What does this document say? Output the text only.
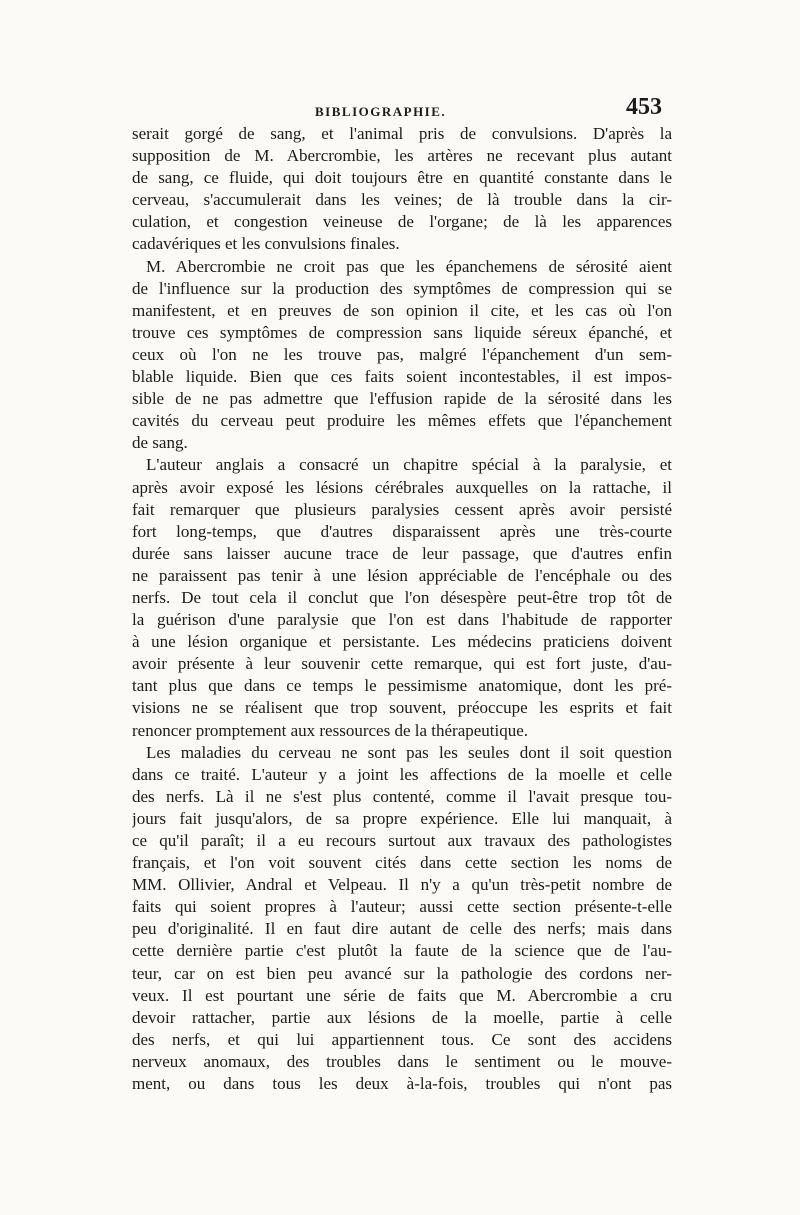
BIBLIOGRAPHIE.	453
serait gorgé de sang, et l'animal pris de convulsions. D'après la
supposition de M. Abercrombie, les artères ne recevant plus autant
de sang, ce fluide, qui doit toujours être en quantité constante dans le
cerveau, s'accumulerait dans les veines; de là trouble dans la cir-
culation, et congestion veineuse de l'organe; de là les apparences
cadavériques et les convulsions finales.
M. Abercrombie ne croit pas que les épanchemens de sérosité aient
de l'influence sur la production des symptômes de compression qui se
manifestent, et en preuves de son opinion il cite, et les cas où l'on
trouve ces symptômes de compression sans liquide séreux épanché, et
ceux où l'on ne les trouve pas, malgré l'épanchement d'un sem-
blable liquide. Bien que ces faits soient incontestables, il est impos-
sible de ne pas admettre que l'effusion rapide de la sérosité dans les
cavités du cerveau peut produire les mêmes effets que l'épanchement
de sang.
L'auteur anglais a consacré un chapitre spécial à la paralysie, et
après avoir exposé les lésions cérébrales auxquelles on la rattache, il
fait remarquer que plusieurs paralysies cessent après avoir persisté
fort long-temps, que d'autres disparaissent après une très-courte
durée sans laisser aucune trace de leur passage, que d'autres enfin
ne paraissent pas tenir à une lésion appréciable de l'encéphale ou des
nerfs. De tout cela il conclut que l'on désespère peut-être trop tôt de
la guérison d'une paralysie que l'on est dans l'habitude de rapporter
à une lésion organique et persistante. Les médecins praticiens doivent
avoir présente à leur souvenir cette remarque, qui est fort juste, d'au-
tant plus que dans ce temps le pessimisme anatomique, dont les pré-
visions ne se réalisent que trop souvent, préoccupe les esprits et fait
renoncer promptement aux ressources de la thérapeutique.
Les maladies du cerveau ne sont pas les seules dont il soit question
dans ce traité. L'auteur y a joint les affections de la moelle et celle
des nerfs. Là il ne s'est plus contenté, comme il l'avait presque tou-
jours fait jusqu'alors, de sa propre expérience. Elle lui manquait, à
ce qu'il paraît; il a eu recours surtout aux travaux des pathologistes
français, et l'on voit souvent cités dans cette section les noms de
MM. Ollivier, Andral et Velpeau. Il n'y a qu'un très-petit nombre de
faits qui soient propres à l'auteur; aussi cette section présente-t-elle
peu d'originalité. Il en faut dire autant de celle des nerfs; mais dans
cette dernière partie c'est plutôt la faute de la science que de l'au-
teur, car on est bien peu avancé sur la pathologie des cordons ner-
veux. Il est pourtant une série de faits que M. Abercrombie a cru
devoir rattacher, partie aux lésions de la moelle, partie à celle
des nerfs, et qui lui appartiennent tous. Ce sont des accidens
nerveux anomaux, des troubles dans le sentiment ou le mouve-
ment, ou dans tous les deux à-la-fois, troubles qui n'ont pas
